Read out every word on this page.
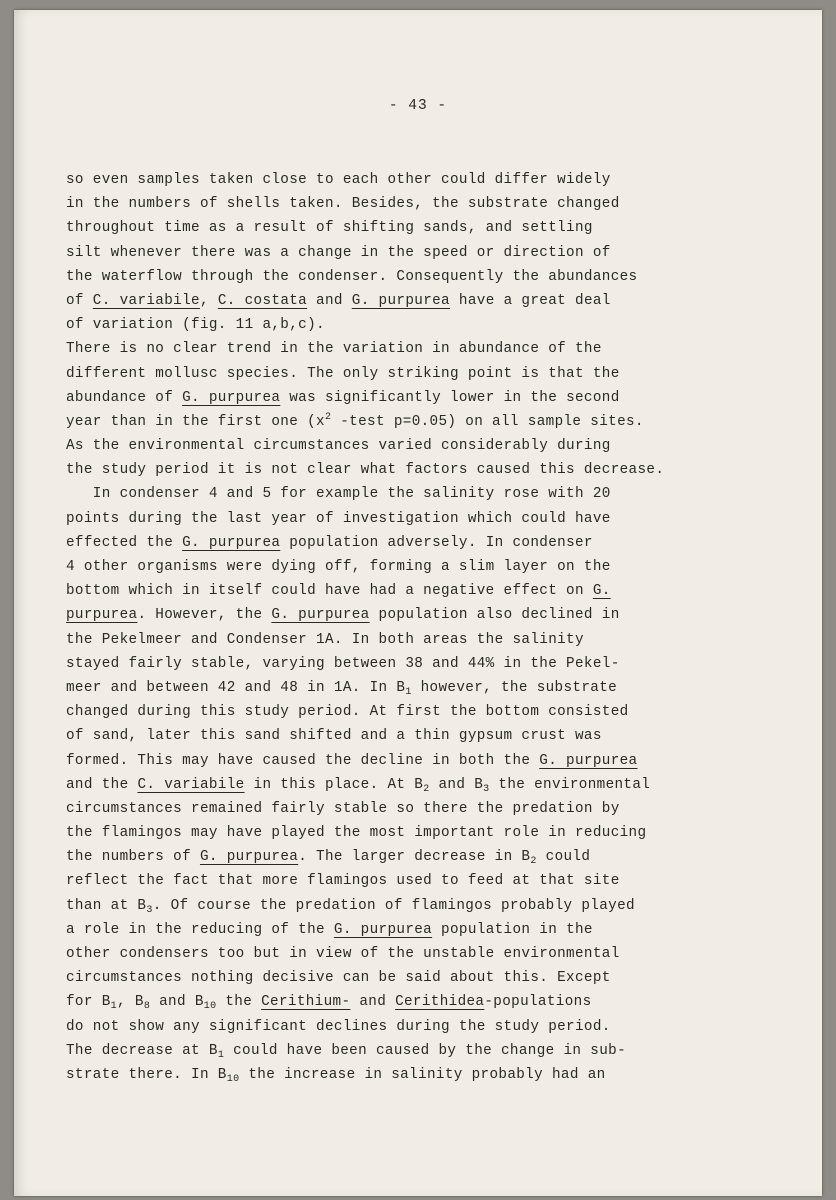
- 43 -
so even samples taken close to each other could differ widely
in the numbers of shells taken. Besides, the substrate changed
throughout time as a result of shifting sands, and settling
silt whenever there was a change in the speed or direction of
the waterflow through the condenser. Consequently the abundances
of C. variabile, C. costata and G. purpurea have a great deal
of variation (fig. 11 a,b,c).
There is no clear trend in the variation in abundance of the
different mollusc species. The only striking point is that the
abundance of G. purpurea was significantly lower in the second
year than in the first one ($x^2$ -test p=0.05) on all sample sites.
As the environmental circumstances varied considerably during
the study period it is not clear what factors caused this decrease.
In condenser 4 and 5 for example the salinity rose with 20
points during the last year of investigation which could have
effected the G. purpurea population adversely. In condenser
4 other organisms were dying off, forming a slim layer on the
bottom which in itself could have had a negative effect on G.
purpurea. However, the G. purpurea population also declined in
the Pekelmeer and Condenser 1A. In both areas the salinity
stayed fairly stable, varying between 38 and 44% in the Pekel-
meer and between 42 and 48 in 1A. In $B_1$ however, the substrate
changed during this study period. At first the bottom consisted
of sand, later this sand shifted and a thin gypsum crust was
formed. This may have caused the decline in both the G. purpurea
and the C. variabile in this place. At $B_2$ and $B_3$ the environmental
circumstances remained fairly stable so there the predation by
the flamingos may have played the most important role in reducing
the numbers of G. purpurea. The larger decrease in $B_2$ could
reflect the fact that more flamingos used to feed at that site
than at $B_3$. Of course the predation of flamingos probably played
a role in the reducing of the G. purpurea population in the
other condensers too but in view of the unstable environmental
circumstances nothing decisive can be said about this. Except
for $B_1$, $B_8$ and $B_{10}$ the Cerithium- and Cerithidea-populations
do not show any significant declines during the study period.
The decrease at $B_1$ could have been caused by the change in sub-
strate there. In $B_{10}$ the increase in salinity probably had an
